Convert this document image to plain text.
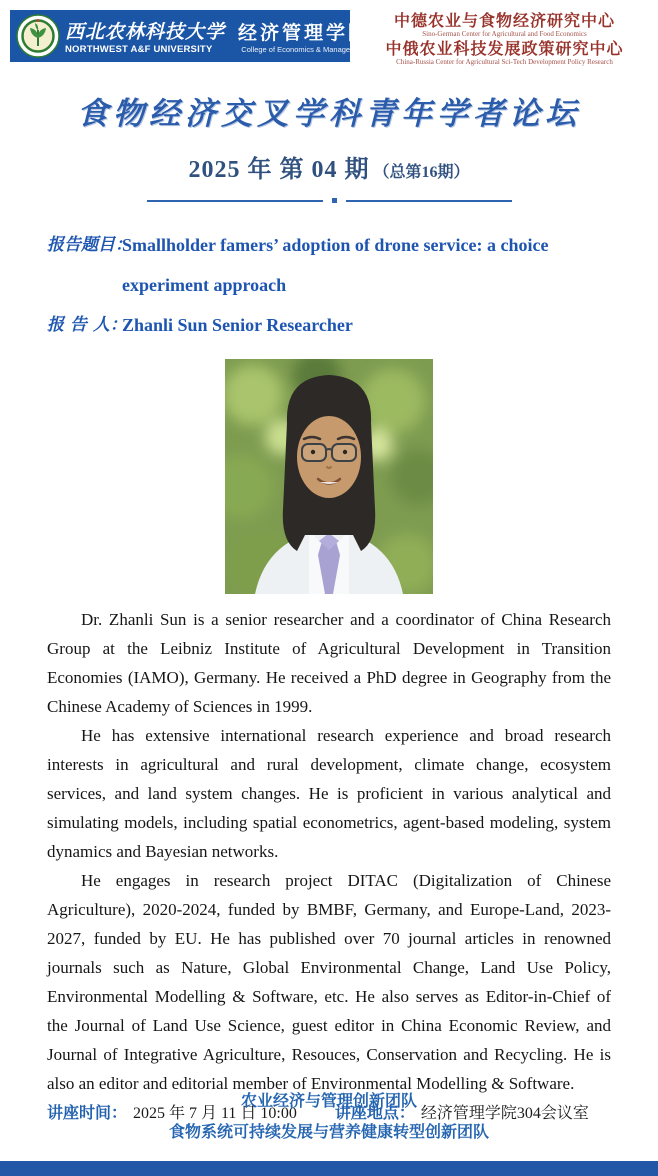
西北农林科技大学
NORTHWEST A&F UNIVERSITY
经济管理学院
College of Economics & Management
中德农业与食物经济研究中心
Sino-German Center for Agricultural and Food Economics
中俄农业科技发展政策研究中心
China-Russia Center for Agricultural Sci-Tech Development Policy Research
食物经济交叉学科青年学者论坛
2025 年 第 04 期 （总第16期）
报告题目：
Smallholder famers’ adoption of drone service: a choice
experiment approach
报 告 人：
Zhanli Sun Senior Researcher

Dr. Zhanli Sun is a senior researcher and a coordinator of China Research Group at the Leibniz Institute of Agricultural Development in Transition Economies (IAMO), Germany. He received a PhD degree in Geography from the Chinese Academy of Sciences in 1999.

He has extensive international research experience and broad research interests in agricultural and rural development, climate change, ecosystem services, and land system changes. He is proficient in various analytical and simulating models, including spatial econometrics, agent-based modeling, system dynamics and Bayesian networks.

He engages in research project DITAC (Digitalization of Chinese Agriculture), 2020-2024, funded by BMBF, Germany, and Europe-Land, 2023-2027, funded by EU. He has published over 70 journal articles in renowned journals such as Nature, Global Environmental Change, Land Use Policy, Environmental Modelling & Software, etc. He also serves as Editor-in-Chief of the Journal of Land Use Science, guest editor in China Economic Review, and Journal of Integrative Agriculture, Resouces, Conservation and Recycling. He is also an editor and editorial member of Environmental Modelling & Software.

讲座时间： 2025 年 7 月 11 日 10:00 讲座地点： 经济管理学院304会议室
农业经济与管理创新团队
食物系统可持续发展与营养健康转型创新团队
